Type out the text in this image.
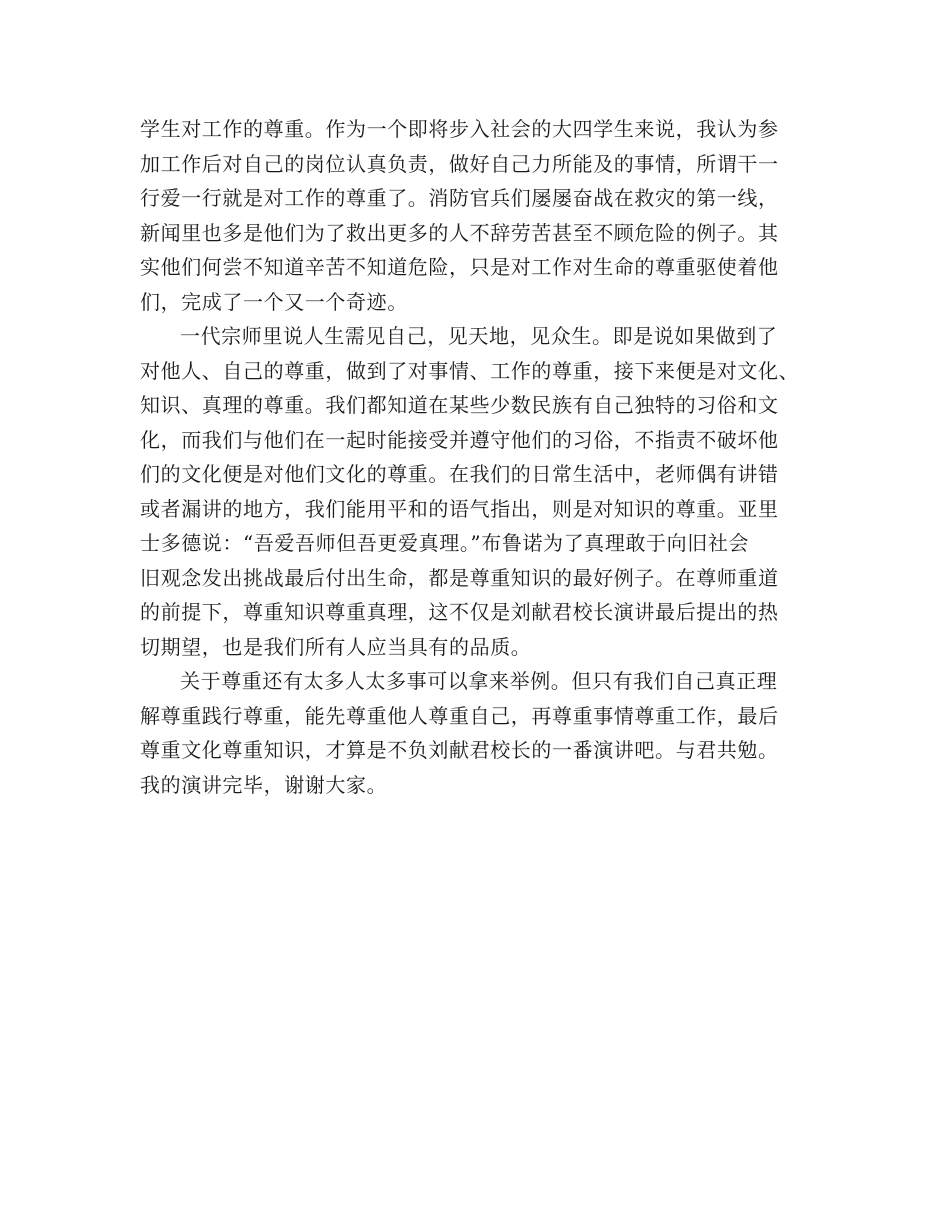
学生对工作的尊重。作为一个即将步入社会的大四学生来说，我认为参
加工作后对自己的岗位认真负责，做好自己力所能及的事情，所谓干一
行爱一行就是对工作的尊重了。消防官兵们屡屡奋战在救灾的第一线，
新闻里也多是他们为了救出更多的人不辞劳苦甚至不顾危险的例子。其
实他们何尝不知道辛苦不知道危险，只是对工作对生命的尊重驱使着他
们，完成了一个又一个奇迹。
一代宗师里说人生需见自己，见天地，见众生。即是说如果做到了
对他人、自己的尊重，做到了对事情、工作的尊重，接下来便是对文化、
知识、真理的尊重。我们都知道在某些少数民族有自己独特的习俗和文
化，而我们与他们在一起时能接受并遵守他们的习俗，不指责不破坏他
们的文化便是对他们文化的尊重。在我们的日常生活中，老师偶有讲错
或者漏讲的地方，我们能用平和的语气指出，则是对知识的尊重。亚里
士多德说：“吾爱吾师但吾更爱真理。”布鲁诺为了真理敢于向旧社会
旧观念发出挑战最后付出生命，都是尊重知识的最好例子。在尊师重道
的前提下，尊重知识尊重真理，这不仅是刘献君校长演讲最后提出的热
切期望，也是我们所有人应当具有的品质。
关于尊重还有太多人太多事可以拿来举例。但只有我们自己真正理
解尊重践行尊重，能先尊重他人尊重自己，再尊重事情尊重工作，最后
尊重文化尊重知识，才算是不负刘献君校长的一番演讲吧。与君共勉。
我的演讲完毕，谢谢大家。
